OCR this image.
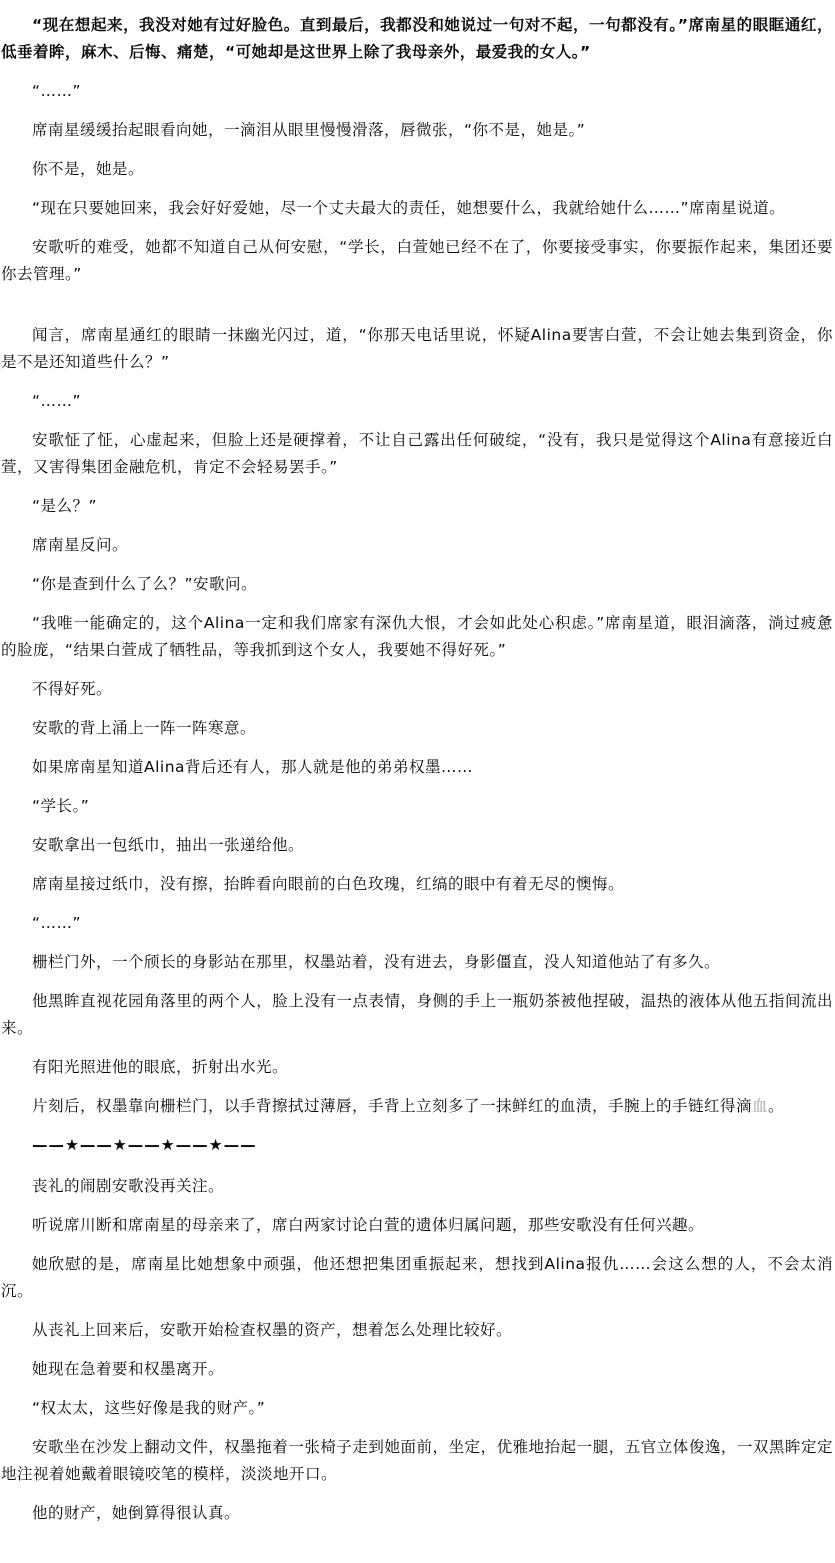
“现在想起来，我没对她有过好脸色。直到最后，我都没和她说过一句对不起，一句都没有。”席南星的眼眶通红，低垂着眸，麻木、后悔、痛楚，“可她却是这世界上除了我母亲外，最爱我的女人。”

“……”

席南星缓缓抬起眼看向她，一滴泪从眼里慢慢滑落，唇微张，“你不是，她是。”

你不是，她是。

“现在只要她回来，我会好好爱她，尽一个丈夫最大的责任，她想要什么，我就给她什么……”席南星说道。

安歌听的难受，她都不知道自己从何安慰，“学长，白萱她已经不在了，你要接受事实，你要振作起来，集团还要你去管理。”

闻言，席南星通红的眼睛一抹幽光闪过，道，“你那天电话里说，怀疑Alina要害白萱，不会让她去集到资金，你是不是还知道些什么？”

“……”

安歌怔了怔，心虚起来，但脸上还是硬撑着，不让自己露出任何破绽，“没有，我只是觉得这个Alina有意接近白萱，又害得集团金融危机，肯定不会轻易罢手。”

“是么？”

席南星反问。

“你是查到什么了么？”安歌问。

“我唯一能确定的，这个Alina一定和我们席家有深仇大恨，才会如此处心积虑。”席南星道，眼泪滴落，淌过疲惫的脸庞，“结果白萱成了牺牲品，等我抓到这个女人，我要她不得好死。”

不得好死。

安歌的背上涌上一阵一阵寒意。

如果席南星知道Alina背后还有人，那人就是他的弟弟权墨……

“学长。”

安歌拿出一包纸巾，抽出一张递给他。

席南星接过纸巾，没有擦，抬眸看向眼前的白色玫瑰，红缟的眼中有着无尽的懊悔。

“……”

栅栏门外，一个颀长的身影站在那里，权墨站着，没有进去，身影僵直，没人知道他站了有多久。

他黑眸直视花园角落里的两个人，脸上没有一点表情，身侧的手上一瓶奶茶被他捏破，温热的液体从他五指间流出来。

有阳光照进他的眼底，折射出水光。

片刻后，权墨靠向栅栏门，以手背擦拭过薄唇，手背上立刻多了一抹鲜红的血渍，手腕上的手链红得滴血。

——★——★——★——★——

丧礼的闹剧安歌没再关注。

听说席川断和席南星的母亲来了，席白两家讨论白萱的遗体归属问题，那些安歌没有任何兴趣。

她欣慰的是，席南星比她想象中顽强，他还想把集团重振起来，想找到Alina报仇……会这么想的人，不会太消沉。

从丧礼上回来后，安歌开始检查权墨的资产，想着怎么处理比较好。

她现在急着要和权墨离开。

“权太太，这些好像是我的财产。”

安歌坐在沙发上翻动文件，权墨拖着一张椅子走到她面前，坐定，优雅地抬起一腿，五官立体俊逸，一双黑眸定定地注视着她戴着眼镜咬笔的模样，淡淡地开口。

他的财产，她倒算得很认真。
